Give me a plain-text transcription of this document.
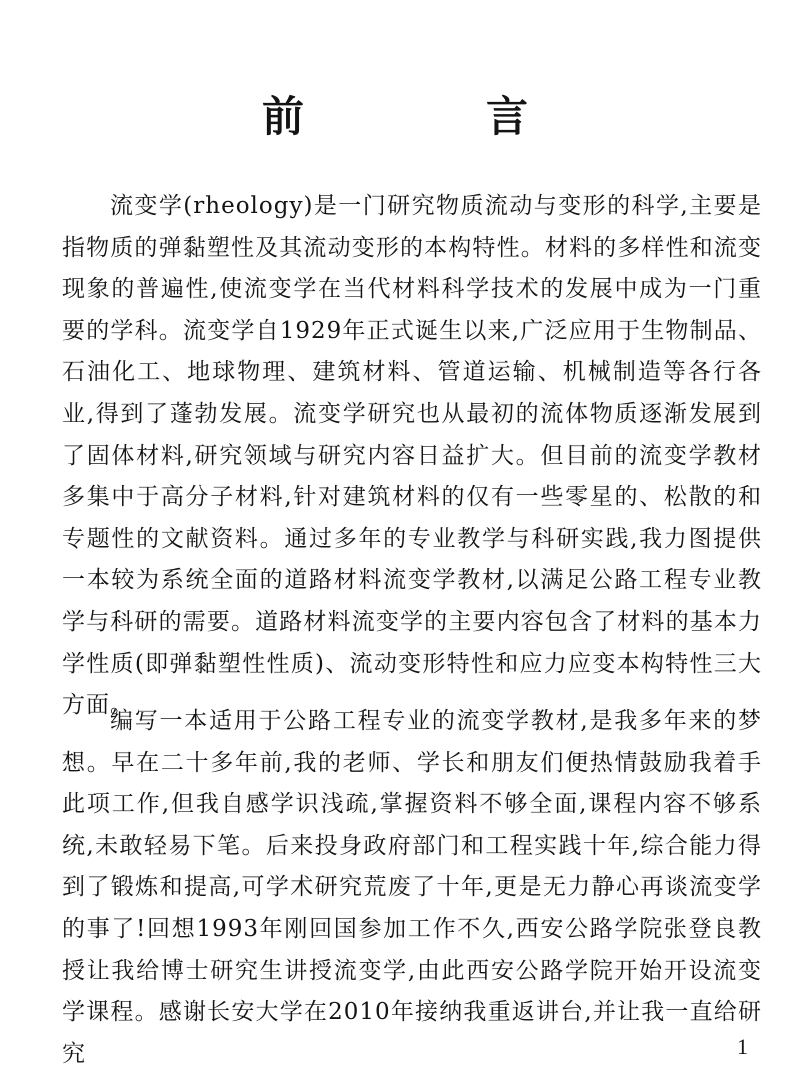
前　言

流变学(rheology)是一门研究物质流动与变形的科学,主要是指物质的弹黏塑性及其流动变形的本构特性。材料的多样性和流变现象的普遍性,使流变学在当代材料科学技术的发展中成为一门重要的学科。流变学自1929年正式诞生以来,广泛应用于生物制品、石油化工、地球物理、建筑材料、管道运输、机械制造等各行各业,得到了蓬勃发展。流变学研究也从最初的流体物质逐渐发展到了固体材料,研究领域与研究内容日益扩大。但目前的流变学教材多集中于高分子材料,针对建筑材料的仅有一些零星的、松散的和专题性的文献资料。通过多年的专业教学与科研实践,我力图提供一本较为系统全面的道路材料流变学教材,以满足公路工程专业教学与科研的需要。道路材料流变学的主要内容包含了材料的基本力学性质(即弹黏塑性性质)、流动变形特性和应力应变本构特性三大方面。

编写一本适用于公路工程专业的流变学教材,是我多年来的梦想。早在二十多年前,我的老师、学长和朋友们便热情鼓励我着手此项工作,但我自感学识浅疏,掌握资料不够全面,课程内容不够系统,未敢轻易下笔。后来投身政府部门和工程实践十年,综合能力得到了锻炼和提高,可学术研究荒废了十年,更是无力静心再谈流变学的事了!回想1993年刚回国参加工作不久,西安公路学院张登良教授让我给博士研究生讲授流变学,由此西安公路学院开始开设流变学课程。感谢长安大学在2010年接纳我重返讲台,并让我一直给研究	1
